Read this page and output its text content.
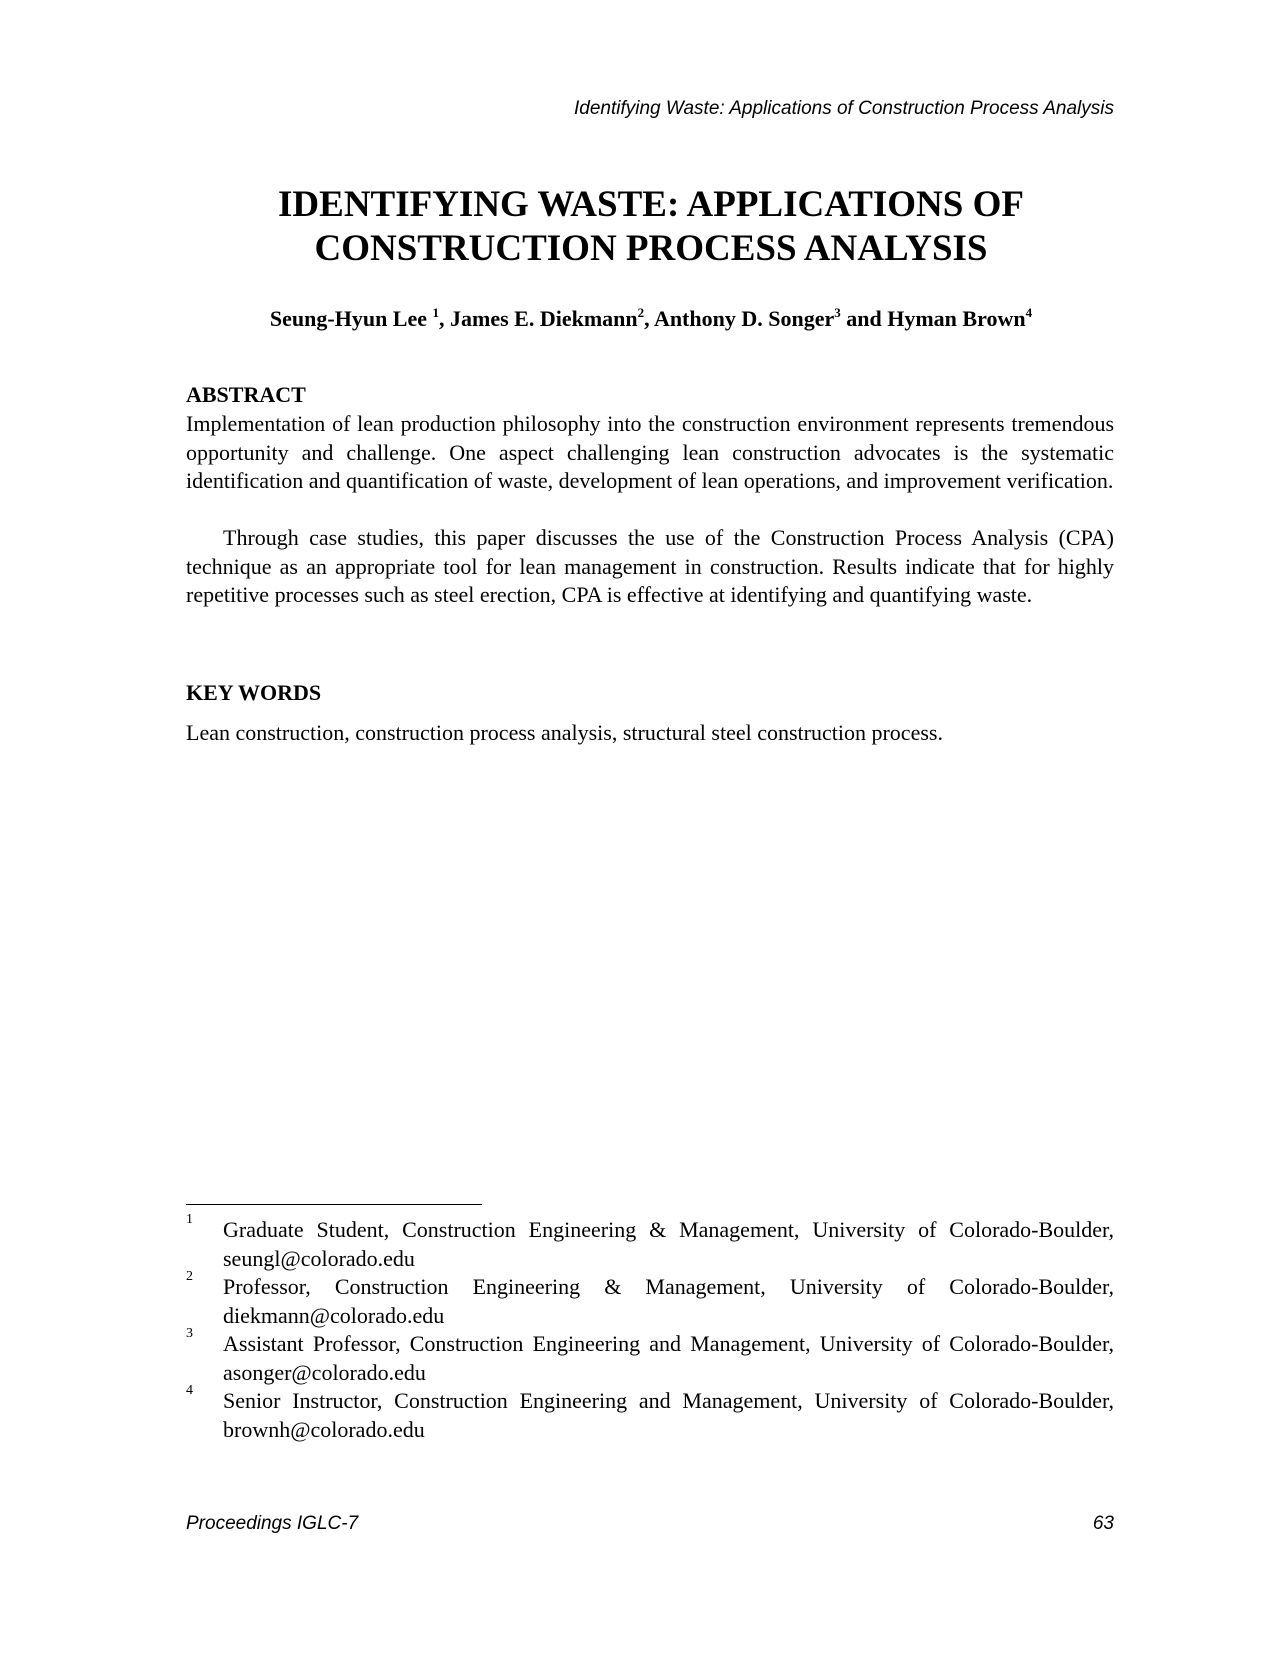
Identifying Waste: Applications of Construction Process Analysis
IDENTIFYING WASTE: APPLICATIONS OF
CONSTRUCTION PROCESS ANALYSIS
Seung-Hyun Lee $^1$, James E. Diekmann$^2$, Anthony D. Songer$^3$ and Hyman Brown$^4$
ABSTRACT

Implementation of lean production philosophy into the construction environment represents tremendous opportunity and challenge. One aspect challenging lean construction advocates is the systematic identification and quantification of waste, development of lean operations, and improvement verification.

Through case studies, this paper discusses the use of the Construction Process Analysis (CPA) technique as an appropriate tool for lean management in construction. Results indicate that for highly repetitive processes such as steel erection, CPA is effective at identifying and quantifying waste.

KEY WORDS

Lean construction, construction process analysis, structural steel construction process.

1 Graduate Student, Construction Engineering & Management, University of Colorado-Boulder, seungl@colorado.edu
2 Professor, Construction Engineering & Management, University of Colorado-Boulder, diekmann@colorado.edu
3 Assistant Professor, Construction Engineering and Management, University of Colorado-Boulder, asonger@colorado.edu
4 Senior Instructor, Construction Engineering and Management, University of Colorado-Boulder, brownh@colorado.edu
Proceedings IGLC-7	63
